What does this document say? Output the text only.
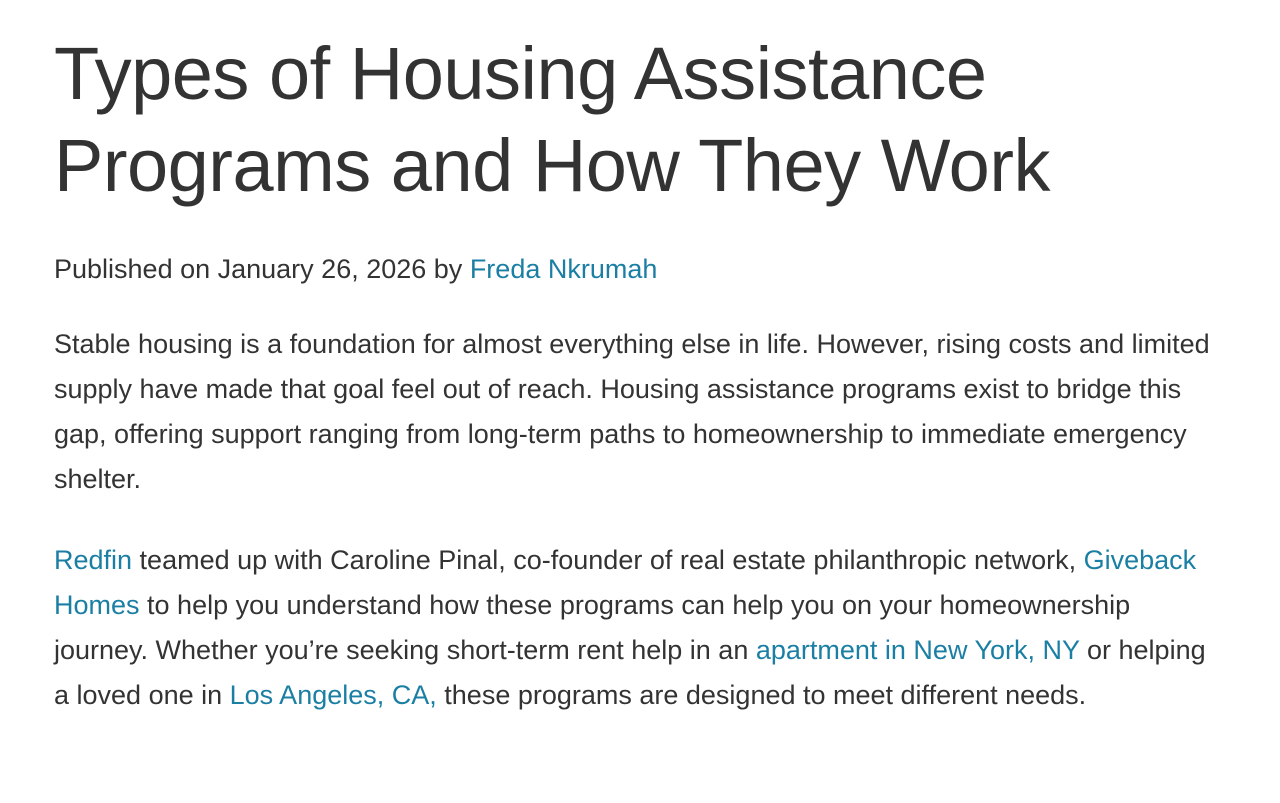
Types of Housing Assistance
Programs and How They Work

Published on January 26, 2026 by Freda Nkrumah

Stable housing is a foundation for almost everything else in life. However, rising costs and limited supply have made that goal feel out of reach. Housing assistance programs exist to bridge this gap, offering support ranging from long-term paths to homeownership to immediate emergency shelter.

Redfin teamed up with Caroline Pinal, co-founder of real estate philanthropic network, Giveback Homes to help you understand how these programs can help you on your homeownership journey. Whether you’re seeking short-term rent help in an apartment in New York, NY or helping a loved one in Los Angeles, CA, these programs are designed to meet different needs.
